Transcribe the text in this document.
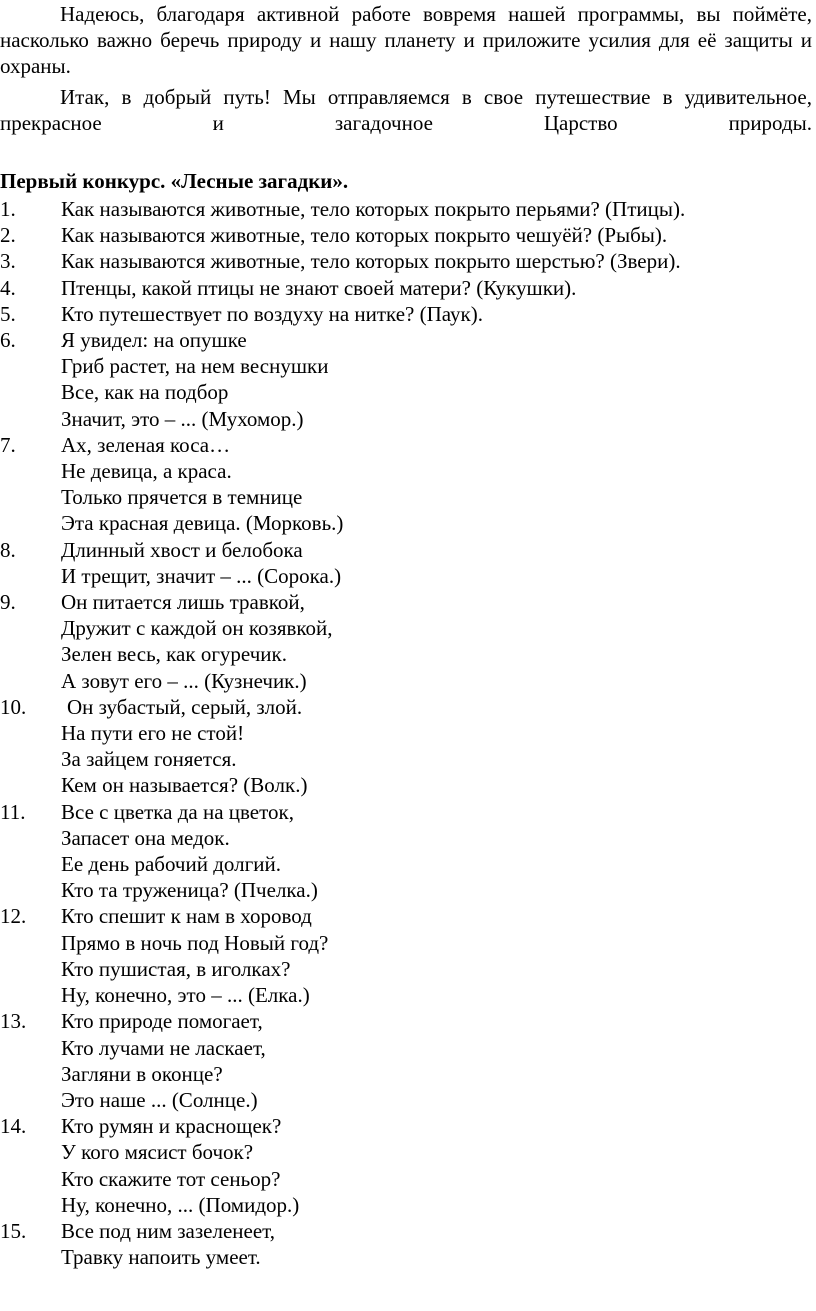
Надеюсь, благодаря активной работе вовремя нашей программы, вы поймёте, насколько важно беречь природу и нашу планету и приложите усилия для её защиты и охраны.

Итак, в добрый путь! Мы отправляемся в свое путешествие в удивительное, прекрасное и загадочное Царство природы.

Первый конкурс. «Лесные загадки».

1. Как называются животные, тело которых покрыто перьями? (Птицы).
2. Как называются животные, тело которых покрыто чешуёй? (Рыбы).
3. Как называются животные, тело которых покрыто шерстью? (Звери).
4. Птенцы, какой птицы не знают своей матери? (Кукушки).
5. Кто путешествует по воздуху на нитке? (Паук).
6. Я увидел: на опушке
Гриб растет, на нем веснушки
Все, как на подбор
Значит, это – ... (Мухомор.)
7. Ах, зеленая коса…
Не девица, а краса.
Только прячется в темнице
Эта красная девица. (Морковь.)
8. Длинный хвост и белобока
И трещит, значит – ... (Сорока.)
9. Он питается лишь травкой,
Дружит с каждой он козявкой,
Зелен весь, как огуречик.
А зовут его – ... (Кузнечик.)
10. Он зубастый, серый, злой.
На пути его не стой!
За зайцем гоняется.
Кем он называется? (Волк.)
11. Все с цветка да на цветок,
Запасет она медок.
Ее день рабочий долгий.
Кто та труженица? (Пчелка.)
12. Кто спешит к нам в хоровод
Прямо в ночь под Новый год?
Кто пушистая, в иголках?
Ну, конечно, это – ... (Елка.)
13. Кто природе помогает,
Кто лучами не ласкает,
Загляни в оконце?
Это наше ... (Солнце.)
14. Кто румян и краснощек?
У кого мясист бочок?
Кто скажите тот сеньор?
Ну, конечно, ... (Помидор.)
15. Все под ним зазеленеет,
Травку напоить умеет.
